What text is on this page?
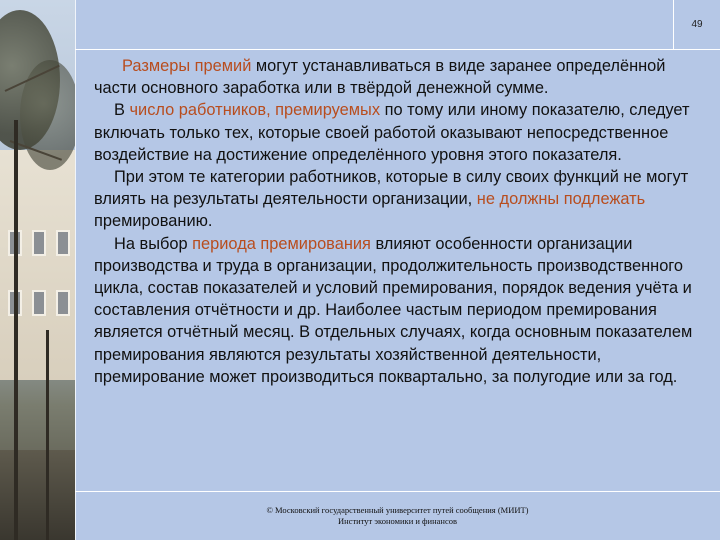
49

Размеры премий могут устанавливаться в виде заранее определённой части основного заработка или в твёрдой денежной сумме.

В число работников, премируемых по тому или иному показателю, следует включать только тех, которые своей работой оказывают непосредственное воздействие на достижение определённого уровня этого показателя.

При этом те категории работников, которые в силу своих функций не могут влиять на результаты деятельности организации, не должны подлежать премированию.

На выбор периода премирования влияют особенности организации производства и труда в организации, продолжительность производственного цикла, состав показателей и условий премирования, порядок ведения учёта и составления отчётности и др. Наиболее частым периодом премирования является отчётный месяц. В отдельных случаях, когда основным показателем премирования являются результаты хозяйственной деятельности, премирование может производиться поквартально, за полугодие или за год.

© Московский государственный университет путей сообщения (МИИТ)
Институт экономики и финансов
